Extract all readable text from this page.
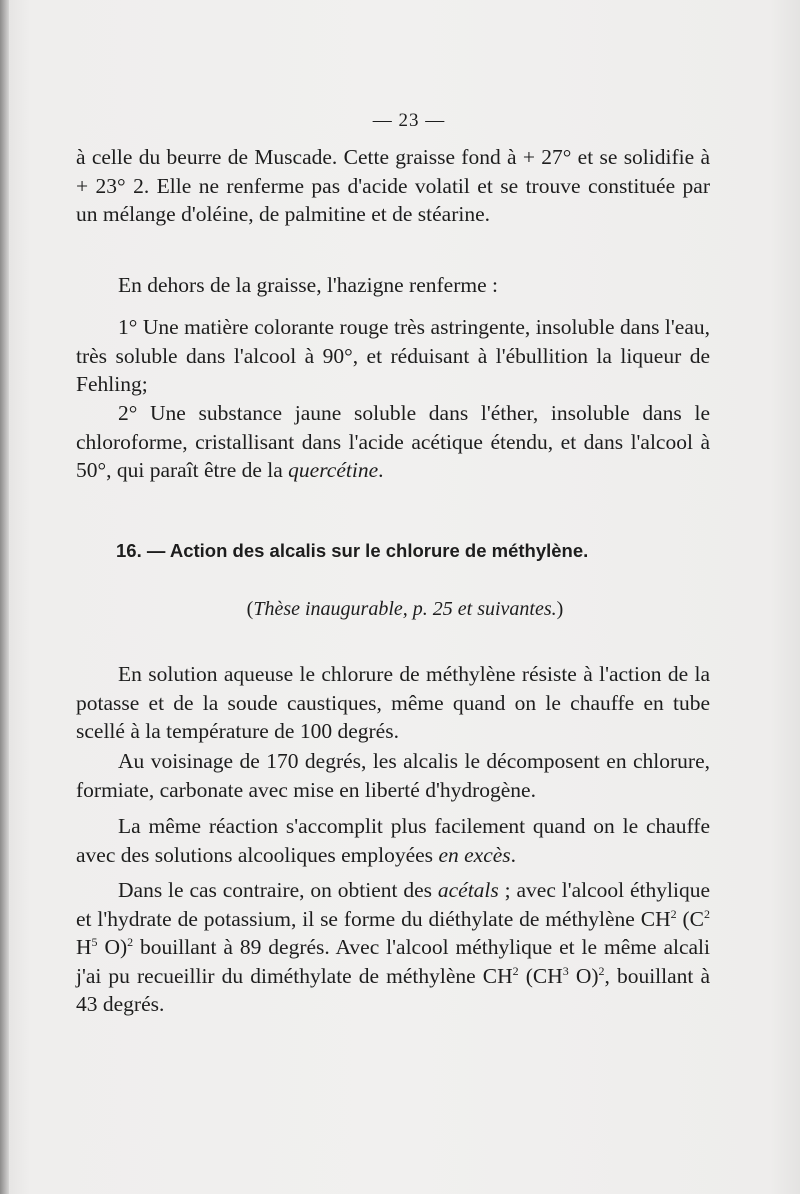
— 23 —

à celle du beurre de Muscade. Cette graisse fond à + 27° et se solidifie à + 23° 2. Elle ne renferme pas d'acide volatil et se trouve constituée par un mélange d'oléine, de palmitine et de stéarine.

En dehors de la graisse, l'hazigne renferme :

1° Une matière colorante rouge très astringente, insoluble dans l'eau, très soluble dans l'alcool à 90°, et réduisant à l'ébullition la liqueur de Fehling;

2° Une substance jaune soluble dans l'éther, insoluble dans le chloroforme, cristallisant dans l'acide acétique étendu, et dans l'alcool à 50°, qui paraît être de la quercétine.

16. — Action des alcalis sur le chlorure de méthylène.

(Thèse inaugurable, p. 25 et suivantes.)

En solution aqueuse le chlorure de méthylène résiste à l'action de la potasse et de la soude caustiques, même quand on le chauffe en tube scellé à la température de 100 degrés.

Au voisinage de 170 degrés, les alcalis le décomposent en chlorure, formiate, carbonate avec mise en liberté d'hydrogène.

La même réaction s'accomplit plus facilement quand on le chauffe avec des solutions alcooliques employées en excès.

Dans le cas contraire, on obtient des acétals ; avec l'alcool éthylique et l'hydrate de potassium, il se forme du diéthylate de méthylène $CH^2$ ($C^2$ $H^5$ O)$^2$ bouillant à 89 degrés. Avec l'alcool méthylique et le même alcali j'ai pu recueillir du diméthylate de méthylène $CH^2$ ($CH^3$ O)$^2$, bouillant à 43 degrés.
